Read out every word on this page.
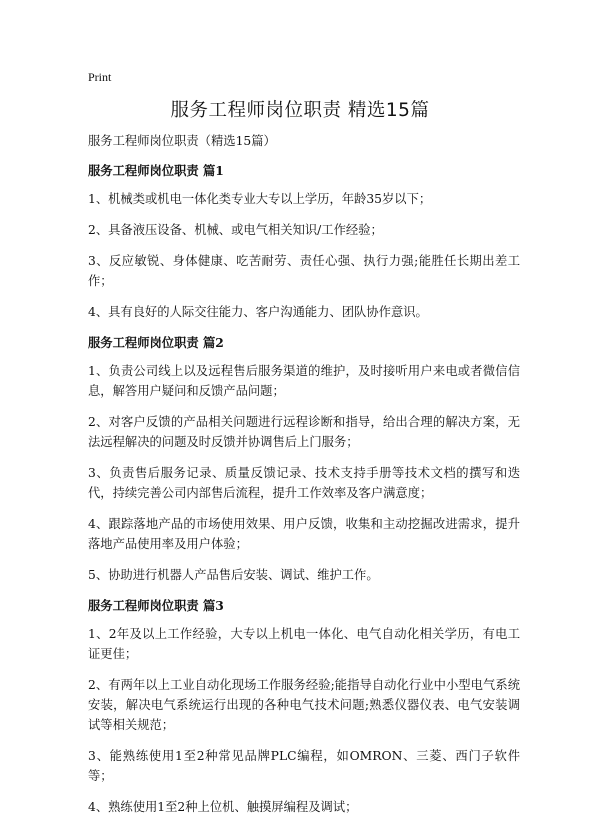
Print
服务工程师岗位职责 精选15篇
服务工程师岗位职责（精选15篇）
服务工程师岗位职责 篇1
1、机械类或机电一体化类专业大专以上学历，年龄35岁以下；
2、具备液压设备、机械、或电气相关知识/工作经验；
3、反应敏锐、身体健康、吃苦耐劳、责任心强、执行力强;能胜任长期出差工作；
4、具有良好的人际交往能力、客户沟通能力、团队协作意识。
服务工程师岗位职责 篇2
1、负责公司线上以及远程售后服务渠道的维护，及时接听用户来电或者微信信息，解答用户疑问和反馈产品问题；
2、对客户反馈的产品相关问题进行远程诊断和指导，给出合理的解决方案，无法远程解决的问题及时反馈并协调售后上门服务；
3、负责售后服务记录、质量反馈记录、技术支持手册等技术文档的撰写和迭代，持续完善公司内部售后流程，提升工作效率及客户满意度；
4、跟踪落地产品的市场使用效果、用户反馈，收集和主动挖掘改进需求，提升落地产品使用率及用户体验；
5、协助进行机器人产品售后安装、调试、维护工作。
服务工程师岗位职责 篇3
1、2年及以上工作经验，大专以上机电一体化、电气自动化相关学历，有电工证更佳；
2、有两年以上工业自动化现场工作服务经验;能指导自动化行业中小型电气系统安装，解决电气系统运行出现的各种电气技术问题;熟悉仪器仪表、电气安装调试等相关规范；
3、能熟练使用1至2种常见品牌PLC编程，如OMRON、三菱、西门子软件等；
4、熟练使用1至2种上位机、触摸屏编程及调试；
